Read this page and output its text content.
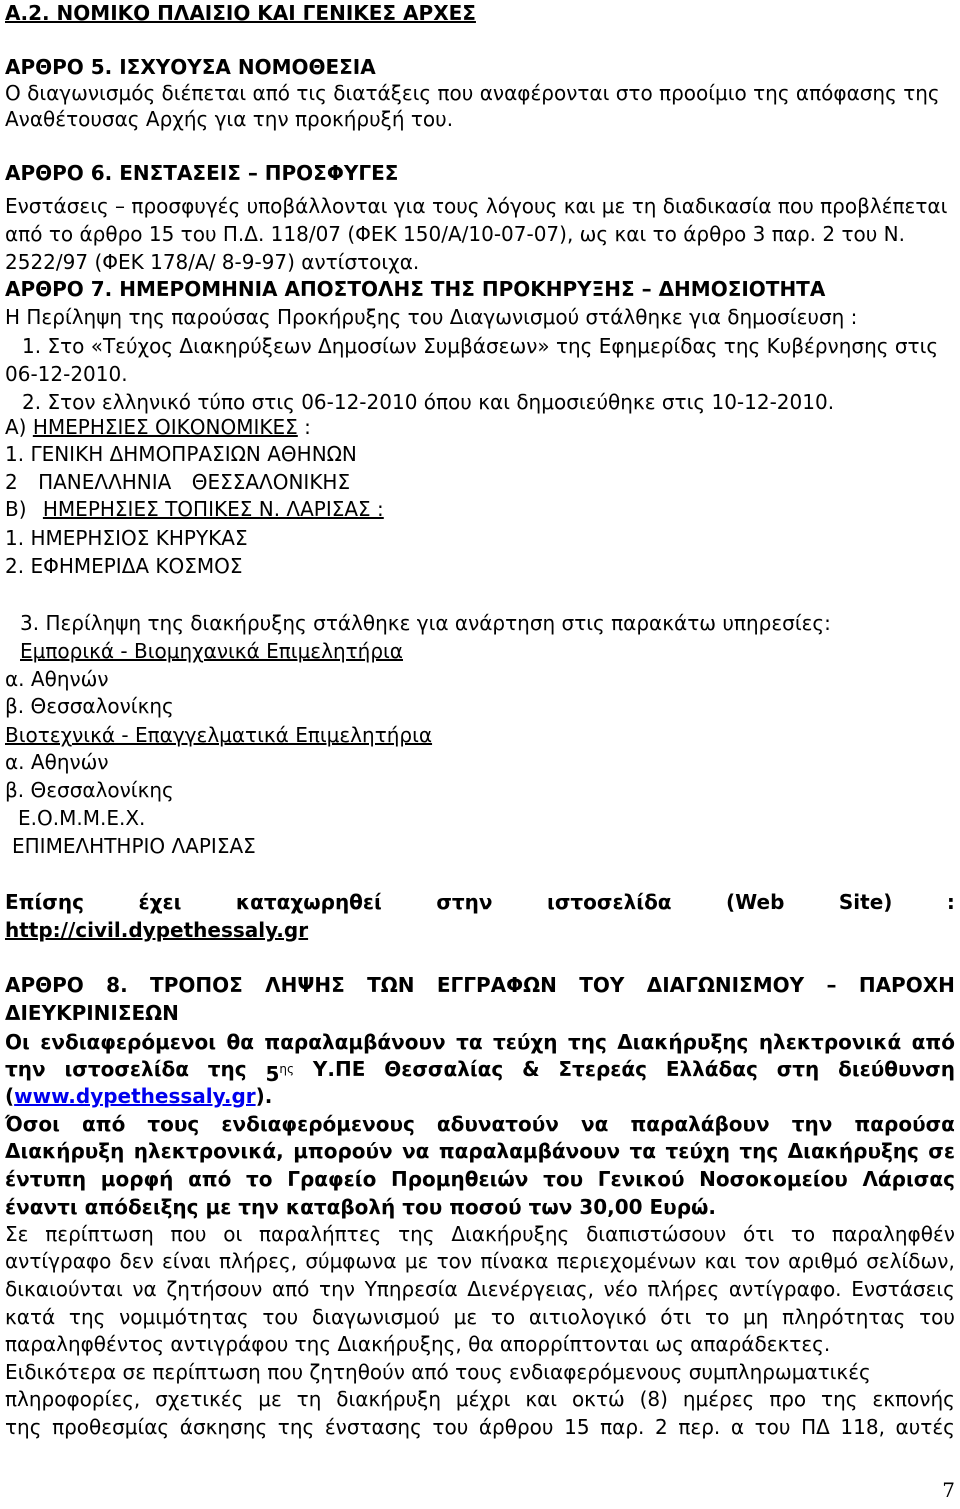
Α.2. ΝΟΜΙΚΟ ΠΛΑΙΣΙΟ ΚΑΙ ΓΕΝΙΚΕΣ ΑΡΧΕΣ
ΑΡΘΡΟ 5. ΙΣΧΥΟΥΣΑ ΝΟΜΟΘΕΣΙΑ
Ο διαγωνισμός διέπεται από τις διατάξεις που αναφέρονται στο προοίμιο της απόφασης της
Αναθέτουσας Αρχής για την προκήρυξή του.
ΑΡΘΡΟ 6. ΕΝΣΤΑΣΕΙΣ – ΠΡΟΣΦΥΓΕΣ
Ενστάσεις – προσφυγές υποβάλλονται για τους λόγους και με τη διαδικασία που προβλέπεται
από το άρθρο 15 του Π.Δ. 118/07 (ΦΕΚ 150/Α/10-07-07), ως και το άρθρο 3 παρ. 2 του Ν.
2522/97 (ΦΕΚ 178/Α/ 8-9-97) αντίστοιχα.
ΑΡΘΡΟ 7. ΗΜΕΡΟΜΗΝΙΑ ΑΠΟΣΤΟΛΗΣ ΤΗΣ ΠΡΟΚΗΡΥΞΗΣ – ΔΗΜΟΣΙΟΤΗΤΑ
Η Περίληψη της παρούσας Προκήρυξης του Διαγωνισμού στάλθηκε για δημοσίευση :
1. Στο «Τεύχος Διακηρύξεων Δημοσίων Συμβάσεων» της Εφημερίδας της Κυβέρνησης στις
06-12-2010.
2. Στον ελληνικό τύπο στις 06-12-2010 όπου και δημοσιεύθηκε στις 10-12-2010.
Α) ΗΜΕΡΗΣΙΕΣ ΟΙΚΟΝΟΜΙΚΕΣ :
1. ΓΕΝΙΚΗ ΔΗΜΟΠΡΑΣΙΩΝ ΑΘΗΝΩΝ
2 ΠΑΝΕΛΛΗΝΙΑ ΘΕΣΣΑΛΟΝΙΚΗΣ
Β) ΗΜΕΡΗΣΙΕΣ ΤΟΠΙΚΕΣ Ν. ΛΑΡΙΣΑΣ :
1. ΗΜΕΡΗΣΙΟΣ ΚΗΡΥΚΑΣ
2. ΕΦΗΜΕΡΙΔΑ ΚΟΣΜΟΣ
3. Περίληψη της διακήρυξης στάλθηκε για ανάρτηση στις παρακάτω υπηρεσίες:
Εμπορικά - Βιομηχανικά Επιμελητήρια
α. Αθηνών
β. Θεσσαλονίκης
Βιοτεχνικά - Επαγγελματικά Επιμελητήρια
α. Αθηνών
β. Θεσσαλονίκης
Ε.Ο.Μ.Μ.Ε.Χ.
ΕΠΙΜΕΛΗΤΗΡΙΟ ΛΑΡΙΣΑΣ
Επίσης	έχει	καταχωρηθεί	στην	ιστοσελίδα	(Web	Site)	:
http://civil.dypethessaly.gr
ΑΡΘΡΟ 8. ΤΡΟΠΟΣ ΛΗΨΗΣ ΤΩΝ ΕΓΓΡΑΦΩΝ ΤΟΥ ΔΙΑΓΩΝΙΣΜΟΥ – ΠΑΡΟΧΗ
ΔΙΕΥΚΡΙΝΙΣΕΩΝ
Οι ενδιαφερόμενοι θα παραλαμβάνουν τα τεύχη της Διακήρυξης ηλεκτρονικά από
την ιστοσελίδα της $5^{\eta\varsigma}$ Υ.ΠΕ Θεσσαλίας & Στερεάς Ελλάδας στη διεύθυνση
(www.dypethessaly.gr).
Όσοι από τους ενδιαφερόμενους αδυνατούν να παραλάβουν την παρούσα
Διακήρυξη ηλεκτρονικά, μπορούν να παραλαμβάνουν τα τεύχη της Διακήρυξης σε
έντυπη μορφή από το Γραφείο Προμηθειών του Γενικού Νοσοκομείου Λάρισας
έναντι απόδειξης με την καταβολή του ποσού των 30,00 Ευρώ.
Σε περίπτωση που οι παραλήπτες της Διακήρυξης διαπιστώσουν ότι το παραληφθέν
αντίγραφο δεν είναι πλήρες, σύμφωνα με τον πίνακα περιεχομένων και τον αριθμό σελίδων,
δικαιούνται να ζητήσουν από την Υπηρεσία Διενέργειας, νέο πλήρες αντίγραφο. Ενστάσεις
κατά της νομιμότητας του διαγωνισμού με το αιτιολογικό ότι το μη πληρότητας του
παραληφθέντος αντιγράφου της Διακήρυξης, θα απορρίπτονται ως απαράδεκτες.
Ειδικότερα σε περίπτωση που ζητηθούν από τους ενδιαφερόμενους συμπληρωματικές
πληροφορίες, σχετικές με τη διακήρυξη μέχρι και οκτώ (8) ημέρες προ της εκπονής
της προθεσμίας άσκησης της ένστασης του άρθρου 15 παρ. 2 περ. α του ΠΔ 118, αυτές
7
